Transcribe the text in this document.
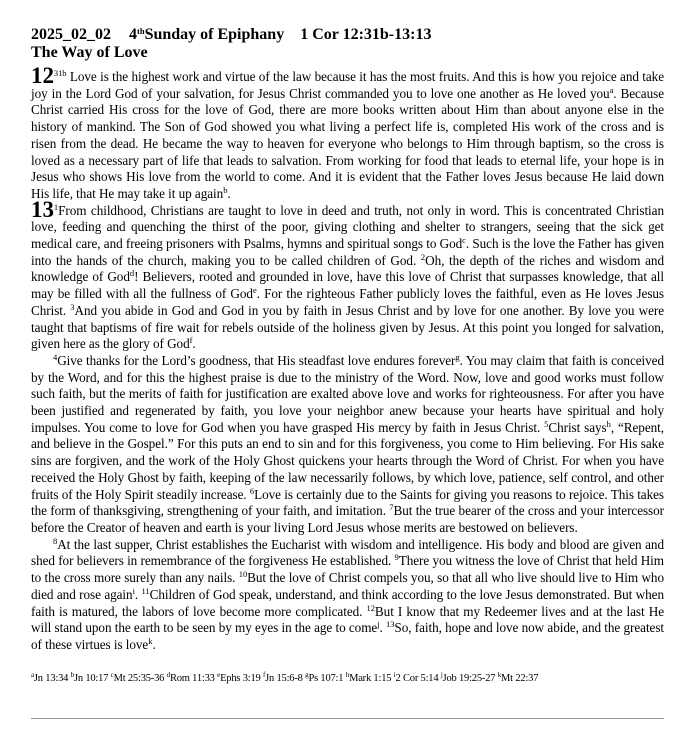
2025_02_02 4thSunday of Epiphany 1 Cor 12:31b-13:13
The Way of Love

$12^{31b}$ Love is the highest work and virtue of the law because it has the most fruits. And this is how you rejoice and take joy in the Lord God of your salvation, for Jesus Christ commanded you to love one another as He loved you$^a$. Because Christ carried His cross for the love of God, there are more books written about Him than about anyone else in the history of mankind. The Son of God showed you what living a perfect life is, completed His work of the cross and is risen from the dead. He became the way to heaven for everyone who belongs to Him through baptism, so the cross is loved as a necessary part of life that leads to salvation. From working for food that leads to eternal life, your hope is in Jesus who shows His love from the world to come. And it is evident that the Father loves Jesus because He laid down His life, that He may take it up again$^b$.

$13^1From$ childhood, Christians are taught to love in deed and truth, not only in word. This is concentrated Christian love, feeding and quenching the thirst of the poor, giving clothing and shelter to strangers, seeing that the sick get medical care, and freeing prisoners with Psalms, hymns and spiritual songs to God$^c$. Such is the love the Father has given into the hands of the church, making you to be called children of God. $^2$Oh, the depth of the riches and wisdom and knowledge of God$^d$! Believers, rooted and grounded in love, have this love of Christ that surpasses knowledge, that all may be filled with all the fullness of God$^e$. For the righteous Father publicly loves the faithful, even as He loves Jesus Christ. $^3$And you abide in God and God in you by faith in Jesus Christ and by love for one another. By love you were taught that baptisms of fire wait for rebels outside of the holiness given by Jesus. At this point you longed for salvation, given here as the glory of God$^f$.

$^4$Give thanks for the Lord’s goodness, that His steadfast love endures forever$^g$. You may claim that faith is conceived by the Word, and for this the highest praise is due to the ministry of the Word. Now, love and good works must follow such faith, but the merits of faith for justification are exalted above love and works for righteousness. For after you have been justified and regenerated by faith, you love your neighbor anew because your hearts have spiritual and holy impulses. You come to love for God when you have grasped His mercy by faith in Jesus Christ. $^5$Christ says$^h$, “Repent, and believe in the Gospel.” For this puts an end to sin and for this forgiveness, you come to Him believing. For His sake sins are forgiven, and the work of the Holy Ghost quickens your hearts through the Word of Christ. For when you have received the Holy Ghost by faith, keeping of the law necessarily follows, by which love, patience, self control, and other fruits of the Holy Spirit steadily increase. $^6$Love is certainly due to the Saints for giving you reasons to rejoice. This takes the form of thanksgiving, strengthening of your faith, and imitation. $^7$But the true bearer of the cross and your intercessor before the Creator of heaven and earth is your living Lord Jesus whose merits are bestowed on believers.

$^8$At the last supper, Christ establishes the Eucharist with wisdom and intelligence. His body and blood are given and shed for believers in remembrance of the forgiveness He established. $^9$There you witness the love of Christ that held Him to the cross more surely than any nails. $^{10}$But the love of Christ compels you, so that all who live should live to Him who died and rose again$^i$. $^{11}$Children of God speak, understand, and think according to the love Jesus demonstrated. But when faith is matured, the labors of love become more complicated. $^{12}$But I know that my Redeemer lives and at the last He will stand upon the earth to be seen by my eyes in the age to come$^j$. $^{13}$So, faith, hope and love now abide, and the greatest of these virtues is love$^k$.

$^a$Jn 13:34 $^b$Jn 10:17 $^c$Mt 25:35-36 $^d$Rom 11:33 $^e$Ephs 3:19 $^f$Jn 15:6-8 $^g$Ps 107:1 $^h$Mark 1:15 $^i$2 Cor 5:14 $^j$Job 19:25-27 $^k$Mt 22:37
